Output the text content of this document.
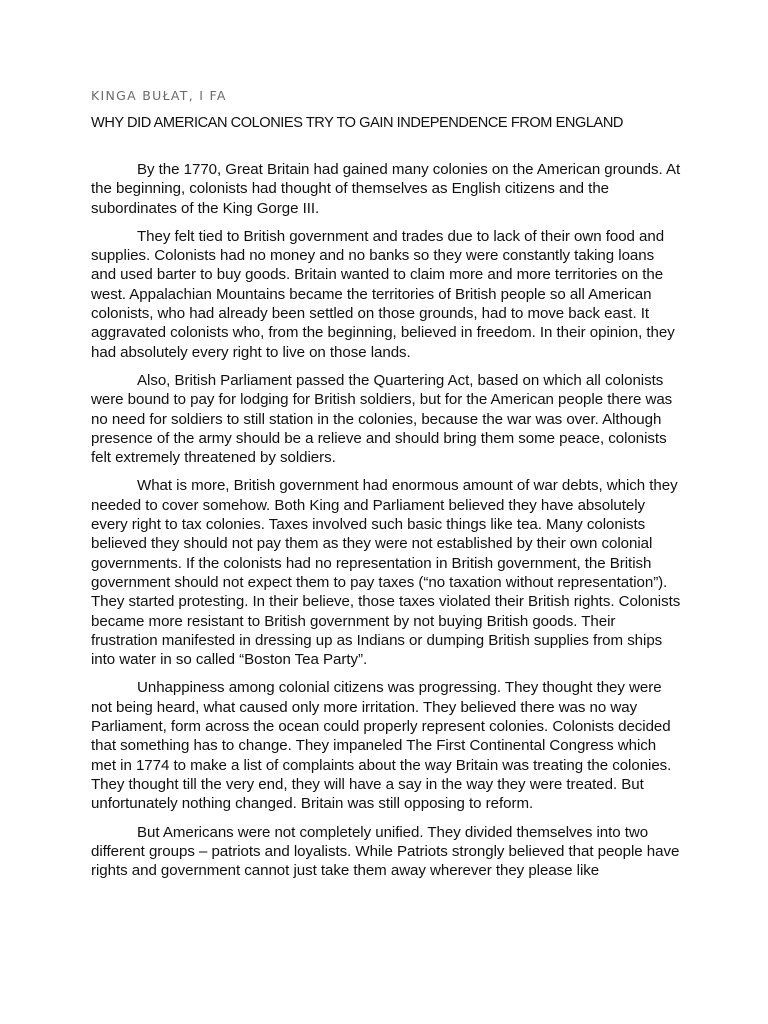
KINGA BUŁAT, I FA
WHY DID AMERICAN COLONIES TRY TO GAIN INDEPENDENCE FROM ENGLAND

By the 1770, Great Britain had gained many colonies on the American grounds. At the beginning, colonists had thought of themselves as English citizens and the subordinates of the King Gorge III.

They felt tied to British government and trades due to lack of their own food and supplies. Colonists had no money and no banks so they were constantly taking loans and used barter to buy goods. Britain wanted to claim more and more territories on the west. Appalachian Mountains became the territories of British people so all American colonists, who had already been settled on those grounds, had to move back east. It aggravated colonists who, from the beginning, believed in freedom. In their opinion, they had absolutely every right to live on those lands.

Also, British Parliament passed the Quartering Act, based on which all colonists were bound to pay for lodging for British soldiers, but for the American people there was no need for soldiers to still station in the colonies, because the war was over. Although presence of the army should be a relieve and should bring them some peace, colonists felt extremely threatened by soldiers.

What is more, British government had enormous amount of war debts, which they needed to cover somehow. Both King and Parliament believed they have absolutely every right to tax colonies. Taxes involved such basic things like tea. Many colonists believed they should not pay them as they were not established by their own colonial governments. If the colonists had no representation in British government, the British government should not expect them to pay taxes (“no taxation without representation”). They started protesting. In their believe, those taxes violated their British rights. Colonists became more resistant to British government by not buying British goods. Their frustration manifested in dressing up as Indians or dumping British supplies from ships into water in so called “Boston Tea Party”.

Unhappiness among colonial citizens was progressing. They thought they were not being heard, what caused only more irritation. They believed there was no way Parliament, form across the ocean could properly represent colonies. Colonists decided that something has to change. They impaneled The First Continental Congress which met in 1774 to make a list of complaints about the way Britain was treating the colonies. They thought till the very end, they will have a say in the way they were treated. But unfortunately nothing changed. Britain was still opposing to reform.

But Americans were not completely unified. They divided themselves into two different groups – patriots and loyalists. While Patriots strongly believed that people have rights and government cannot just take them away wherever they please like
